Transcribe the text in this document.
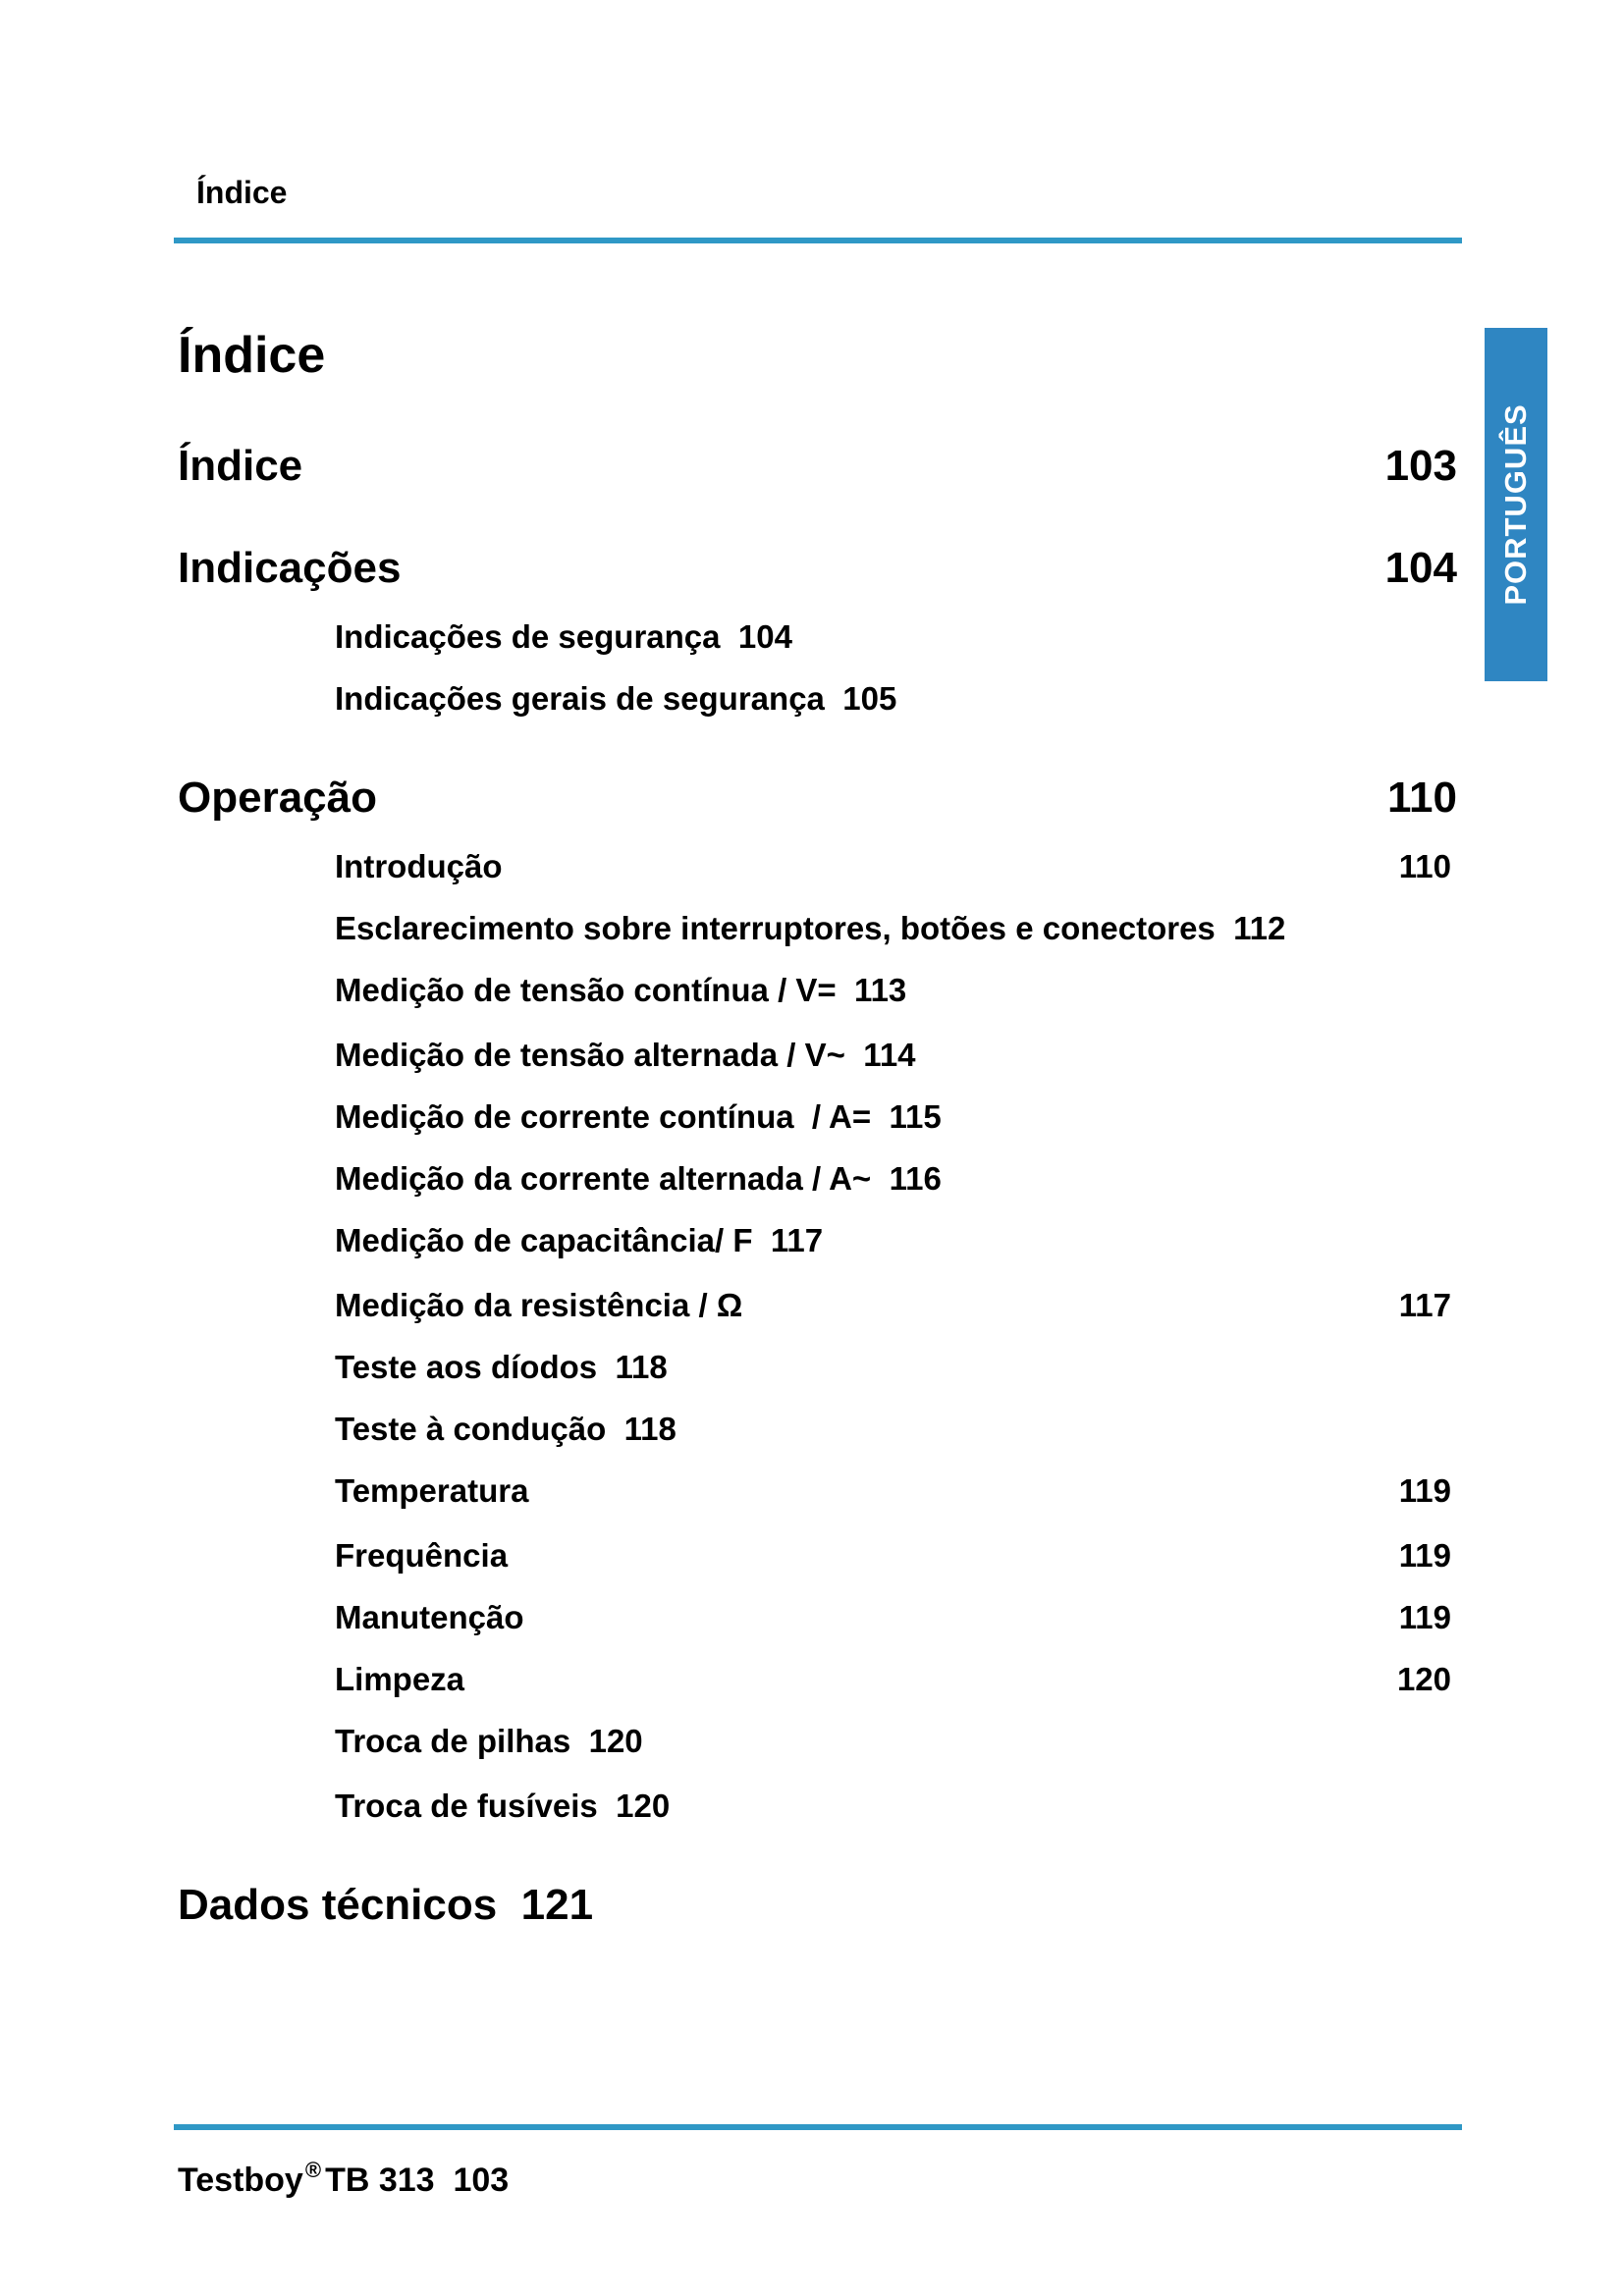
Índice
PORTUGUÊS
Índice
Índice	103
Indicações	104
Indicações de segurança 104
Indicações gerais de segurança 105
Operação	110
Introdução	110
Esclarecimento sobre interruptores, botões e conectores 112
Medição de tensão contínua / V= 113
Medição de tensão alternada / V~ 114
Medição de corrente contínua  / A= 115
Medição da corrente alternada / A~ 116
Medição de capacitância/ F 117
Medição da resistência / Ω	117
Teste aos díodos 118
Teste à condução 118
Temperatura	119
Frequência	119
Manutenção	119
Limpeza	120
Troca de pilhas 120
Troca de fusíveis 120
Dados técnicos 121
Testboy® TB 313 103
